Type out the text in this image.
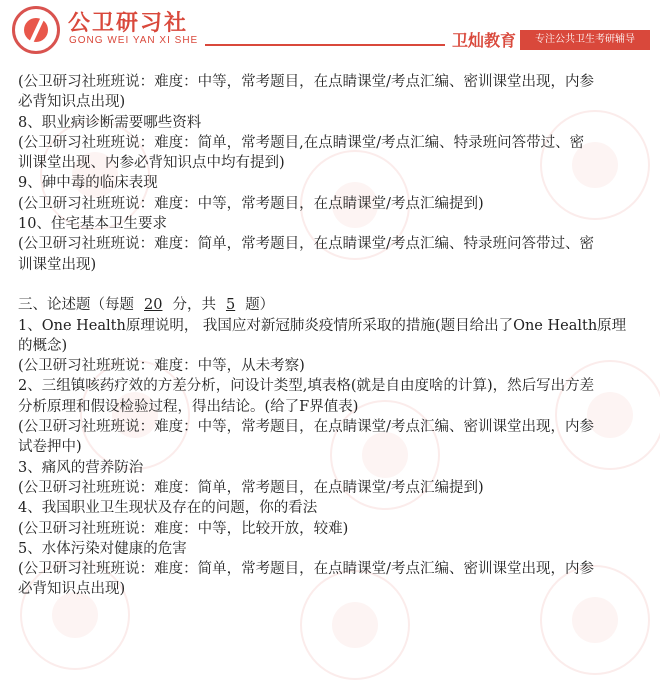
公卫研习社
GONG WEI YAN XI SHE	卫灿教育	专注公共卫生考研辅导
(公卫研习社班班说：难度：中等，常考题目，在点睛课堂/考点汇编、密训课堂出现，内参
必背知识点出现)
8、职业病诊断需要哪些资料
(公卫研习社班班说：难度：简单，常考题目,在点睛课堂/考点汇编、特录班问答带过、密
训课堂出现、内参必背知识点中均有提到)
9、砷中毒的临床表现
(公卫研习社班班说：难度：中等，常考题目，在点睛课堂/考点汇编提到)
10、住宅基本卫生要求
(公卫研习社班班说：难度：简单，常考题目，在点睛课堂/考点汇编、特录班问答带过、密
训课堂出现)
三、论述题（每题 20 分，共 5 题）
1、One Health原理说明， 我国应对新冠肺炎疫情所采取的措施(题目给出了One Health原理
的概念)
(公卫研习社班班说：难度：中等，从未考察)
2、三组镇咳药疗效的方差分析，问设计类型,填表格(就是自由度啥的计算)，然后写出方差
分析原理和假设检验过程，得出结论。(给了F界值表)
(公卫研习社班班说：难度：中等，常考题目，在点睛课堂/考点汇编、密训课堂出现，内参
试卷押中)
3、痛风的营养防治
(公卫研习社班班说：难度：简单，常考题目，在点睛课堂/考点汇编提到)
4、我国职业卫生现状及存在的问题，你的看法
(公卫研习社班班说：难度：中等，比较开放，较难)
5、水体污染对健康的危害
(公卫研习社班班说：难度：简单，常考题目，在点睛课堂/考点汇编、密训课堂出现，内参
必背知识点出现)
